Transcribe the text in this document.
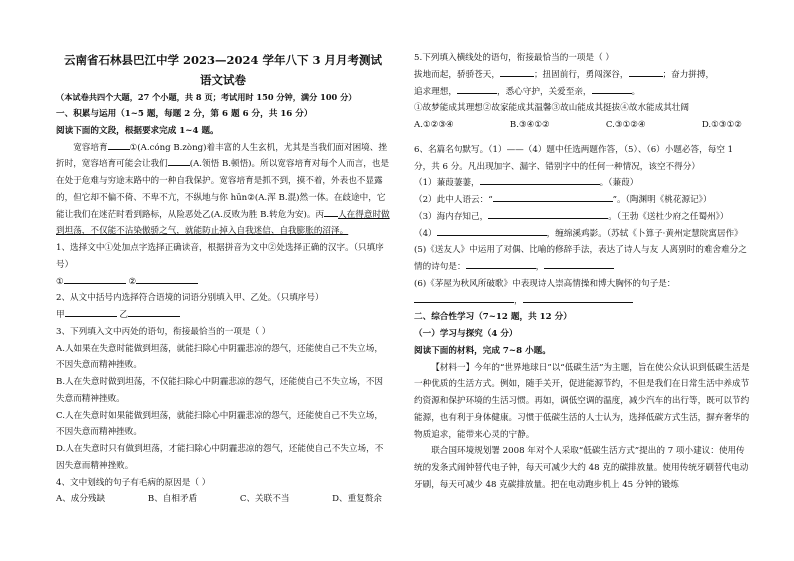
云南省石林县巴江中学 2023—2024 学年八下 3 月月考测试
语文试卷
（本试卷共四个大题，27 个小题，共 8 页；考试用时 150 分钟，满分 100 分）
一、积累与运用（1~5 题，每题 2 分，第 6 题 6 分，共 16 分）
阅读下面的文段，根据要求完成 1~4 题。
宽容培育	①(A.cóng B.zòng)着丰富的人生玄机，尤其是当我们面对困境、挫折时，宽容培育可能会让我们	(A.领悟 B.顿悟)。所以宽容培育对每个人而言，也是在处于危难与穷途末路中的一种自我保护。宽容培育是抓不到，摸不着，外表也不显露的，但它却不偏不倚、不卑不亢，不纵地与你 hūn②(A.浑 B.混)然一体。在歧途中，它能让我们在迷茫时看到路标，从险恶处乙(A.反败为胜 B.转危为安)。丙 人在得意时做到坦荡，不仅能不沾染傲骄之气，就能防止掉入自我迷信、自我膨胀的沼泽。
1、选择文中①处加点字选择正确读音，根据拼音为文中②处选择正确的汉字。（只填序号）
①	②
2、从文中括号内选择符合语境的词语分别填入甲、乙处。（只填序号）
甲	乙
3、下列填入文中丙处的语句，衔接最恰当的一项是（ ）
A.人如果在失意时能做到坦荡，就能扫除心中阴霾悲凉的怨气，还能使自己不失立场，不因失意而精神挫败。
B.人在失意时做到坦荡，不仅能扫除心中阴霾悲凉的怨气，还能使自己不失立场，不因失意而精神挫败。
C.人在失意时如果能做到坦荡，就能扫除心中阴霾悲凉的怨气，还能使自己不失立场，不因失意而精神挫败。
D.人在失意时只有做到坦荡，才能扫除心中阴霾悲凉的怨气，还能使自己不失立场，不因失意而精神挫败。
4、文中划线的句子有毛病的原因是（ ）
A、成分残缺	B、自相矛盾	C、关联不当	D、重复赘余
5.下列填入横线处的语句，衔接最恰当的一项是（ ）
拔地而起，骄骄苍天，	；扭固前行，勇闯深谷，	；奋力拼搏，
追求理想，	，悉心守护，关爱至亲，	。
①故梦能成其理想②故家能成其温馨③故山能成其挺拔④故水能成其壮阔
A.①②③④	B.③④①②	C.③①②④	D.①③①②
6、名篇名句默写。（1）——（4）题中任选两题作答，（5）、（6）小题必答，每空 1 分，共 6 分。凡出现加字、漏字、错别字中的任何一种情况，该空不得分）
（1）蒹葭萋萋，	。（蒹葭）
（2）此中人语云：“	”。（陶渊明《桃花源记》）
（3）海内存知己，	。（王勃《送杜少府之任蜀州》）
（4）	，缠绵溪鸡影。（苏轼《卜算子·黄州定慧院寓居作》
(5)《送友人》中运用了对偶、比喻的修辞手法，表达了诗人与友 人离别时的难舍难分之情的诗句是：	，
(6)《茅屋为秋风所破歌》中表现诗人崇高情操和博大胸怀的句子是：，
二、综合性学习（7~12 题，共 12 分）
（一）学习与探究（4 分）
阅读下面的材料，完成 7~8 小题。
【材料一】今年的“世界地球日”以“低碳生活”为主题，旨在使公众认识到低碳生活是一种优质的生活方式。例如，随手关开，促进能源节约，不但是我们在日常生活中养成节约资源和保护环境的生活习惯。再如，调低空调的温度，减少汽车的出行等，既可以节约能源，也有利于身体健康。习惯于低碳生活的人士认为，选择低碳方式生活，摒弃奢华的物质追求，能带来心灵的宁静。
联合国环境规划署 2008 年对个人采取“低碳生活方式”提出的 7 项小建议：使用传统的发条式闹钟替代电子钟，每天可减少大约 48 克的碳排放量。使用传统牙刷替代电动牙刷，每天可减少 48 克碳排放量。把在电动跑步机上 45 分钟的锻炼
